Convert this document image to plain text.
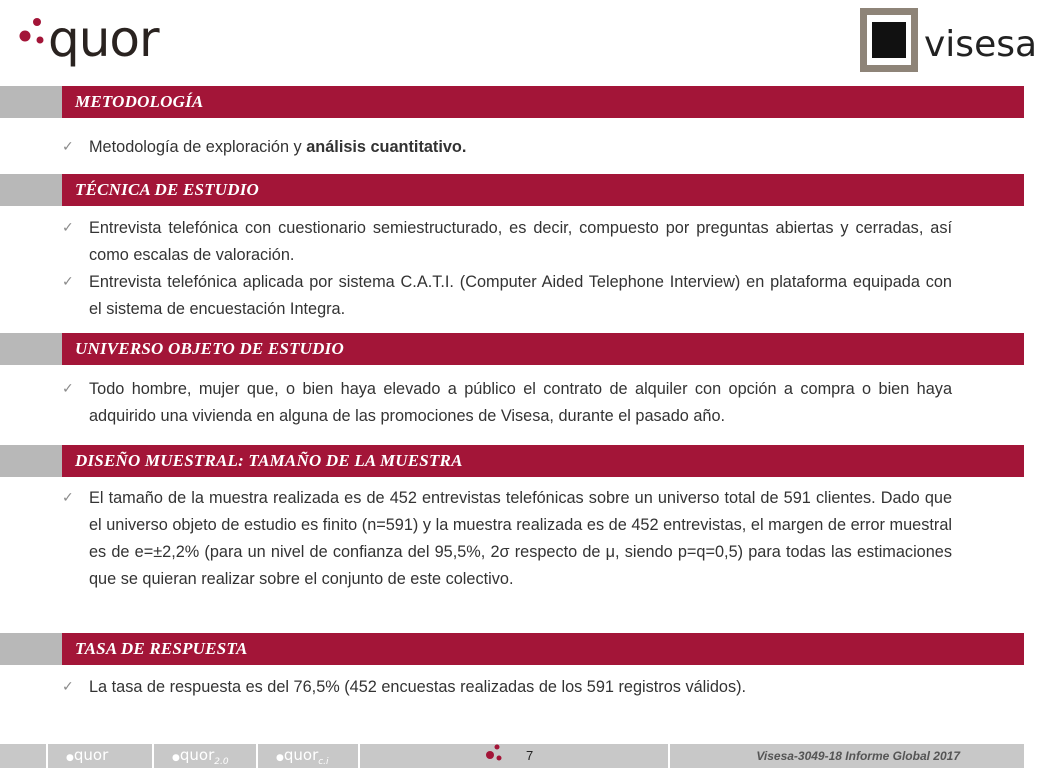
quor	visesa
METODOLOGÍA
✓ Metodología de exploración y análisis cuantitativo.
TÉCNICA DE ESTUDIO
✓ Entrevista telefónica con cuestionario semiestructurado, es decir, compuesto por preguntas abiertas y cerradas, así como escalas de valoración.
✓ Entrevista telefónica aplicada por sistema C.A.T.I. (Computer Aided Telephone Interview) en plataforma equipada con el sistema de encuestación Integra.
UNIVERSO OBJETO DE ESTUDIO
✓ Todo hombre, mujer que, o bien haya elevado a público el contrato de alquiler con opción a compra o bien haya adquirido una vivienda en alguna de las promociones de Visesa, durante el pasado año.
DISEÑO MUESTRAL: TAMAÑO DE LA MUESTRA
✓ El tamaño de la muestra realizada es de 452 entrevistas telefónicas sobre un universo total de 591 clientes. Dado que el universo objeto de estudio es finito (n=591) y la muestra realizada es de 452 entrevistas, el margen de error muestral es de e=±2,2% (para un nivel de confianza del 95,5%, 2σ respecto de μ, siendo p=q=0,5) para todas las estimaciones que se quieran realizar sobre el conjunto de este colectivo.
TASA DE RESPUESTA
✓ La tasa de respuesta es del 76,5% (452 encuestas realizadas de los 591 registros válidos).
●quor	●quor$_{2.0}$	●quor$_{c.i}$	7	Visesa-3049-18 Informe Global 2017
